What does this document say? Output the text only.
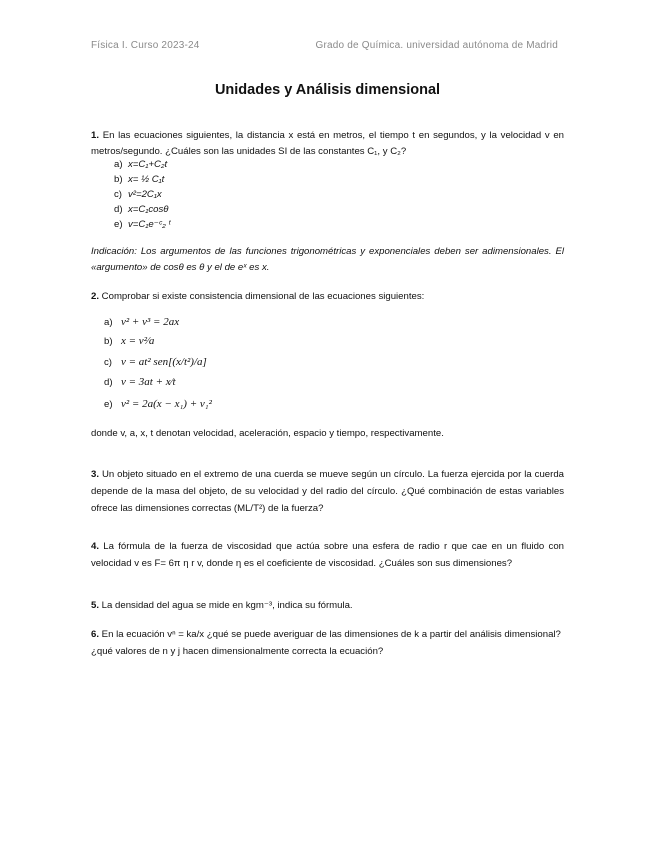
Física I. Curso 2023-24	Grado de Química. universidad autónoma de Madrid
Unidades y Análisis dimensional
1. En las ecuaciones siguientes, la distancia x está en metros, el tiempo t en segundos, y la velocidad v en metros/segundo. ¿Cuáles son las unidades SI de las constantes C₁, y C₂?
a) x=C₁+C₂t
b) x= ½ C₁t
c) v²=2C₁x
d) x=C₁cosθ
e) v=C₁e⁻ᶜ₂ ᵗ
Indicación: Los argumentos de las funciones trigonométricas y exponenciales deben ser adimensionales. El «argumento» de cosθ es θ y el de eˣ es x.
2. Comprobar si existe consistencia dimensional de las ecuaciones siguientes:
a) v² + v³ = 2ax
b) x = v²⁄a
c) v = at² sen[(x/t²)/a]
d) v = 3at + x⁄t
e) v² = 2a(x − x₁) + v₁²
donde v, a, x, t denotan velocidad, aceleración, espacio y tiempo, respectivamente.
3. Un objeto situado en el extremo de una cuerda se mueve según un círculo. La fuerza ejercida por la cuerda depende de la masa del objeto, de su velocidad y del radio del círculo. ¿Qué combinación de estas variables ofrece las dimensiones correctas (ML/T²) de la fuerza?
4. La fórmula de la fuerza de viscosidad que actúa sobre una esfera de radio r que cae en un fluido con velocidad v es F= 6π η r v, donde η es el coeficiente de viscosidad. ¿Cuáles son sus dimensiones?
5. La densidad del agua se mide en kgm⁻³, indica su fórmula.
6. En la ecuación vⁿ = ka/x ¿qué se puede averiguar de las dimensiones de k a partir del análisis dimensional? ¿qué valores de n y j hacen dimensionalmente correcta la ecuación?
